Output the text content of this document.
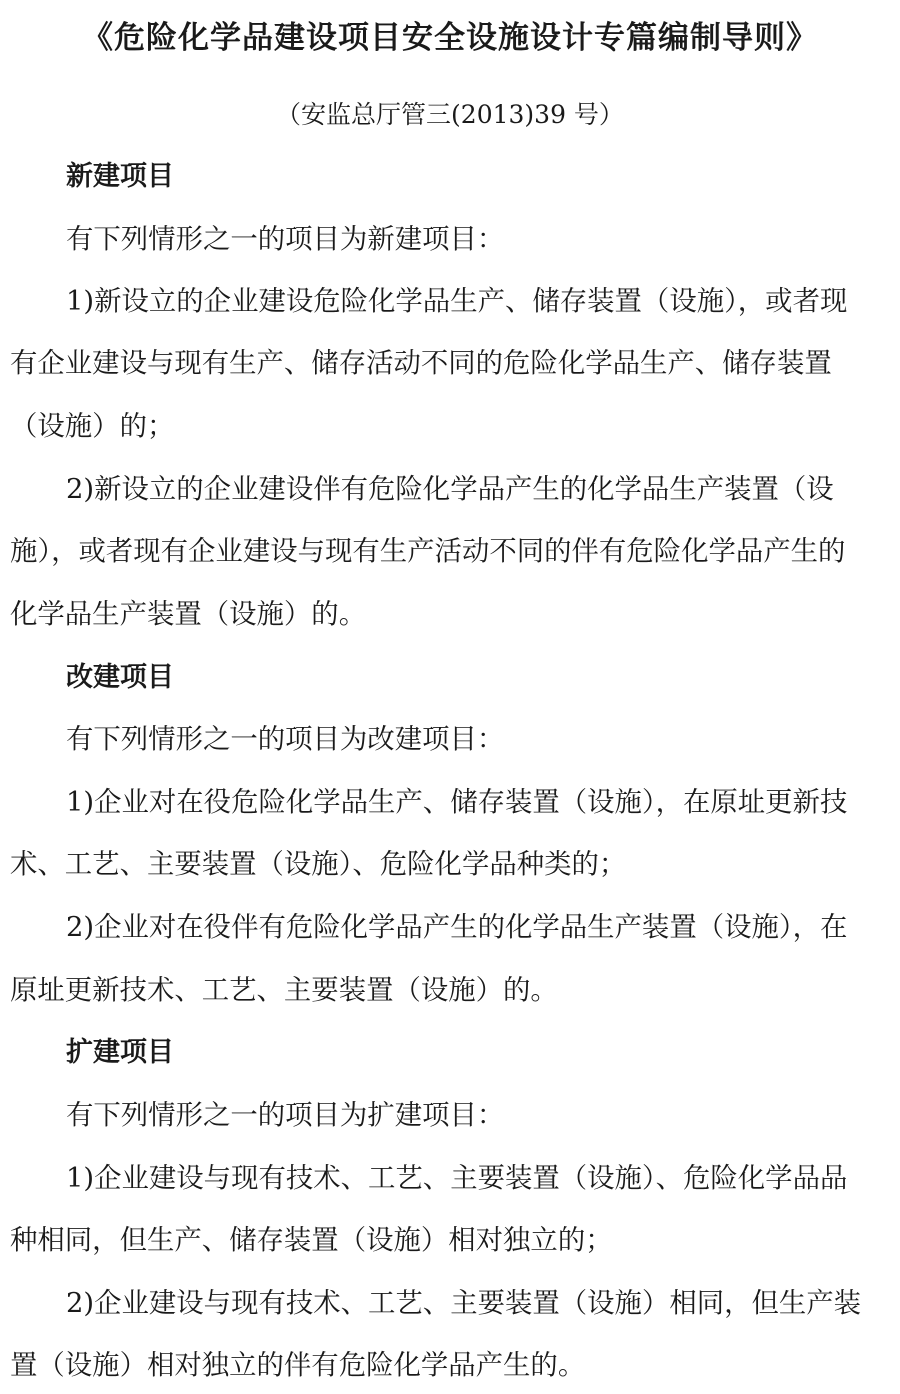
《危险化学品建设项目安全设施设计专篇编制导则》
（安监总厅管三(2013)39 号）
新建项目
有下列情形之一的项目为新建项目：
1)新设立的企业建设危险化学品生产、储存装置（设施），或者现
有企业建设与现有生产、储存活动不同的危险化学品生产、储存装置
（设施）的；
2)新设立的企业建设伴有危险化学品产生的化学品生产装置（设
施），或者现有企业建设与现有生产活动不同的伴有危险化学品产生的
化学品生产装置（设施）的。
改建项目
有下列情形之一的项目为改建项目：
1)企业对在役危险化学品生产、储存装置（设施），在原址更新技
术、工艺、主要装置（设施）、危险化学品种类的；
2)企业对在役伴有危险化学品产生的化学品生产装置（设施），在
原址更新技术、工艺、主要装置（设施）的。
扩建项目
有下列情形之一的项目为扩建项目：
1)企业建设与现有技术、工艺、主要装置（设施）、危险化学品品
种相同，但生产、储存装置（设施）相对独立的；
2)企业建设与现有技术、工艺、主要装置（设施）相同，但生产装
置（设施）相对独立的伴有危险化学品产生的。
